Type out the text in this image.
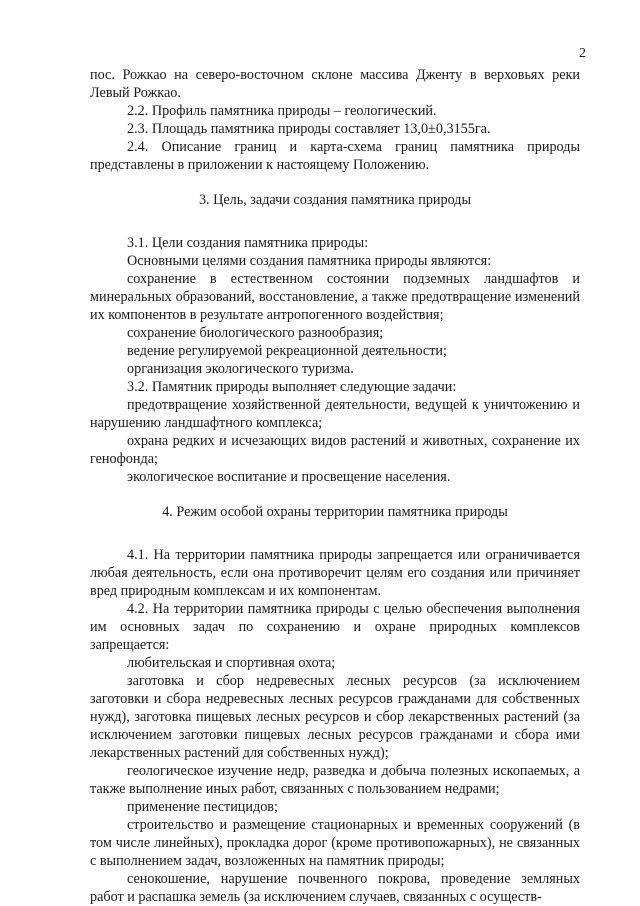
2

пос. Рожкао на северо-восточном склоне массива Дженту в верховьях реки Левый Рожкао.

2.2. Профиль памятника природы – геологический.

2.3. Площадь памятника природы составляет 13,0±0,3155га.

2.4. Описание границ и карта-схема границ памятника природы представлены в приложении к настоящему Положению.

3. Цель, задачи создания памятника природы

3.1. Цели создания памятника природы:

Основными целями создания памятника природы являются:

сохранение в естественном состоянии подземных ландшафтов и минеральных образований, восстановление, а также предотвращение изменений их компонентов в результате антропогенного воздействия;

сохранение биологического разнообразия;

ведение регулируемой рекреационной деятельности;

организация экологического туризма.

3.2. Памятник природы выполняет следующие задачи:

предотвращение хозяйственной деятельности, ведущей к уничтожению и нарушению ландшафтного комплекса;

охрана редких и исчезающих видов растений и животных, сохранение их генофонда;

экологическое воспитание и просвещение населения.

4. Режим особой охраны территории памятника природы

4.1. На территории памятника природы запрещается или ограничивается любая деятельность, если она противоречит целям его создания или причиняет вред природным комплексам и их компонентам.

4.2. На территории памятника природы с целью обеспечения выполнения им основных задач по сохранению и охране природных комплексов запрещается:

любительская и спортивная охота;

заготовка и сбор недревесных лесных ресурсов (за исключением заготовки и сбора недревесных лесных ресурсов гражданами для собственных нужд), заготовка пищевых лесных ресурсов и сбор лекарственных растений (за исключением заготовки пищевых лесных ресурсов гражданами и сбора ими лекарственных растений для собственных нужд);

геологическое изучение недр, разведка и добыча полезных ископаемых, а также выполнение иных работ, связанных с пользованием недрами;

применение пестицидов;

строительство и размещение стационарных и временных сооружений (в том числе линейных), прокладка дорог (кроме противопожарных), не связанных с выполнением задач, возложенных на памятник природы;

сенокошение, нарушение почвенного покрова, проведение земляных работ и распашка земель (за исключением случаев, связанных с осуществ-
